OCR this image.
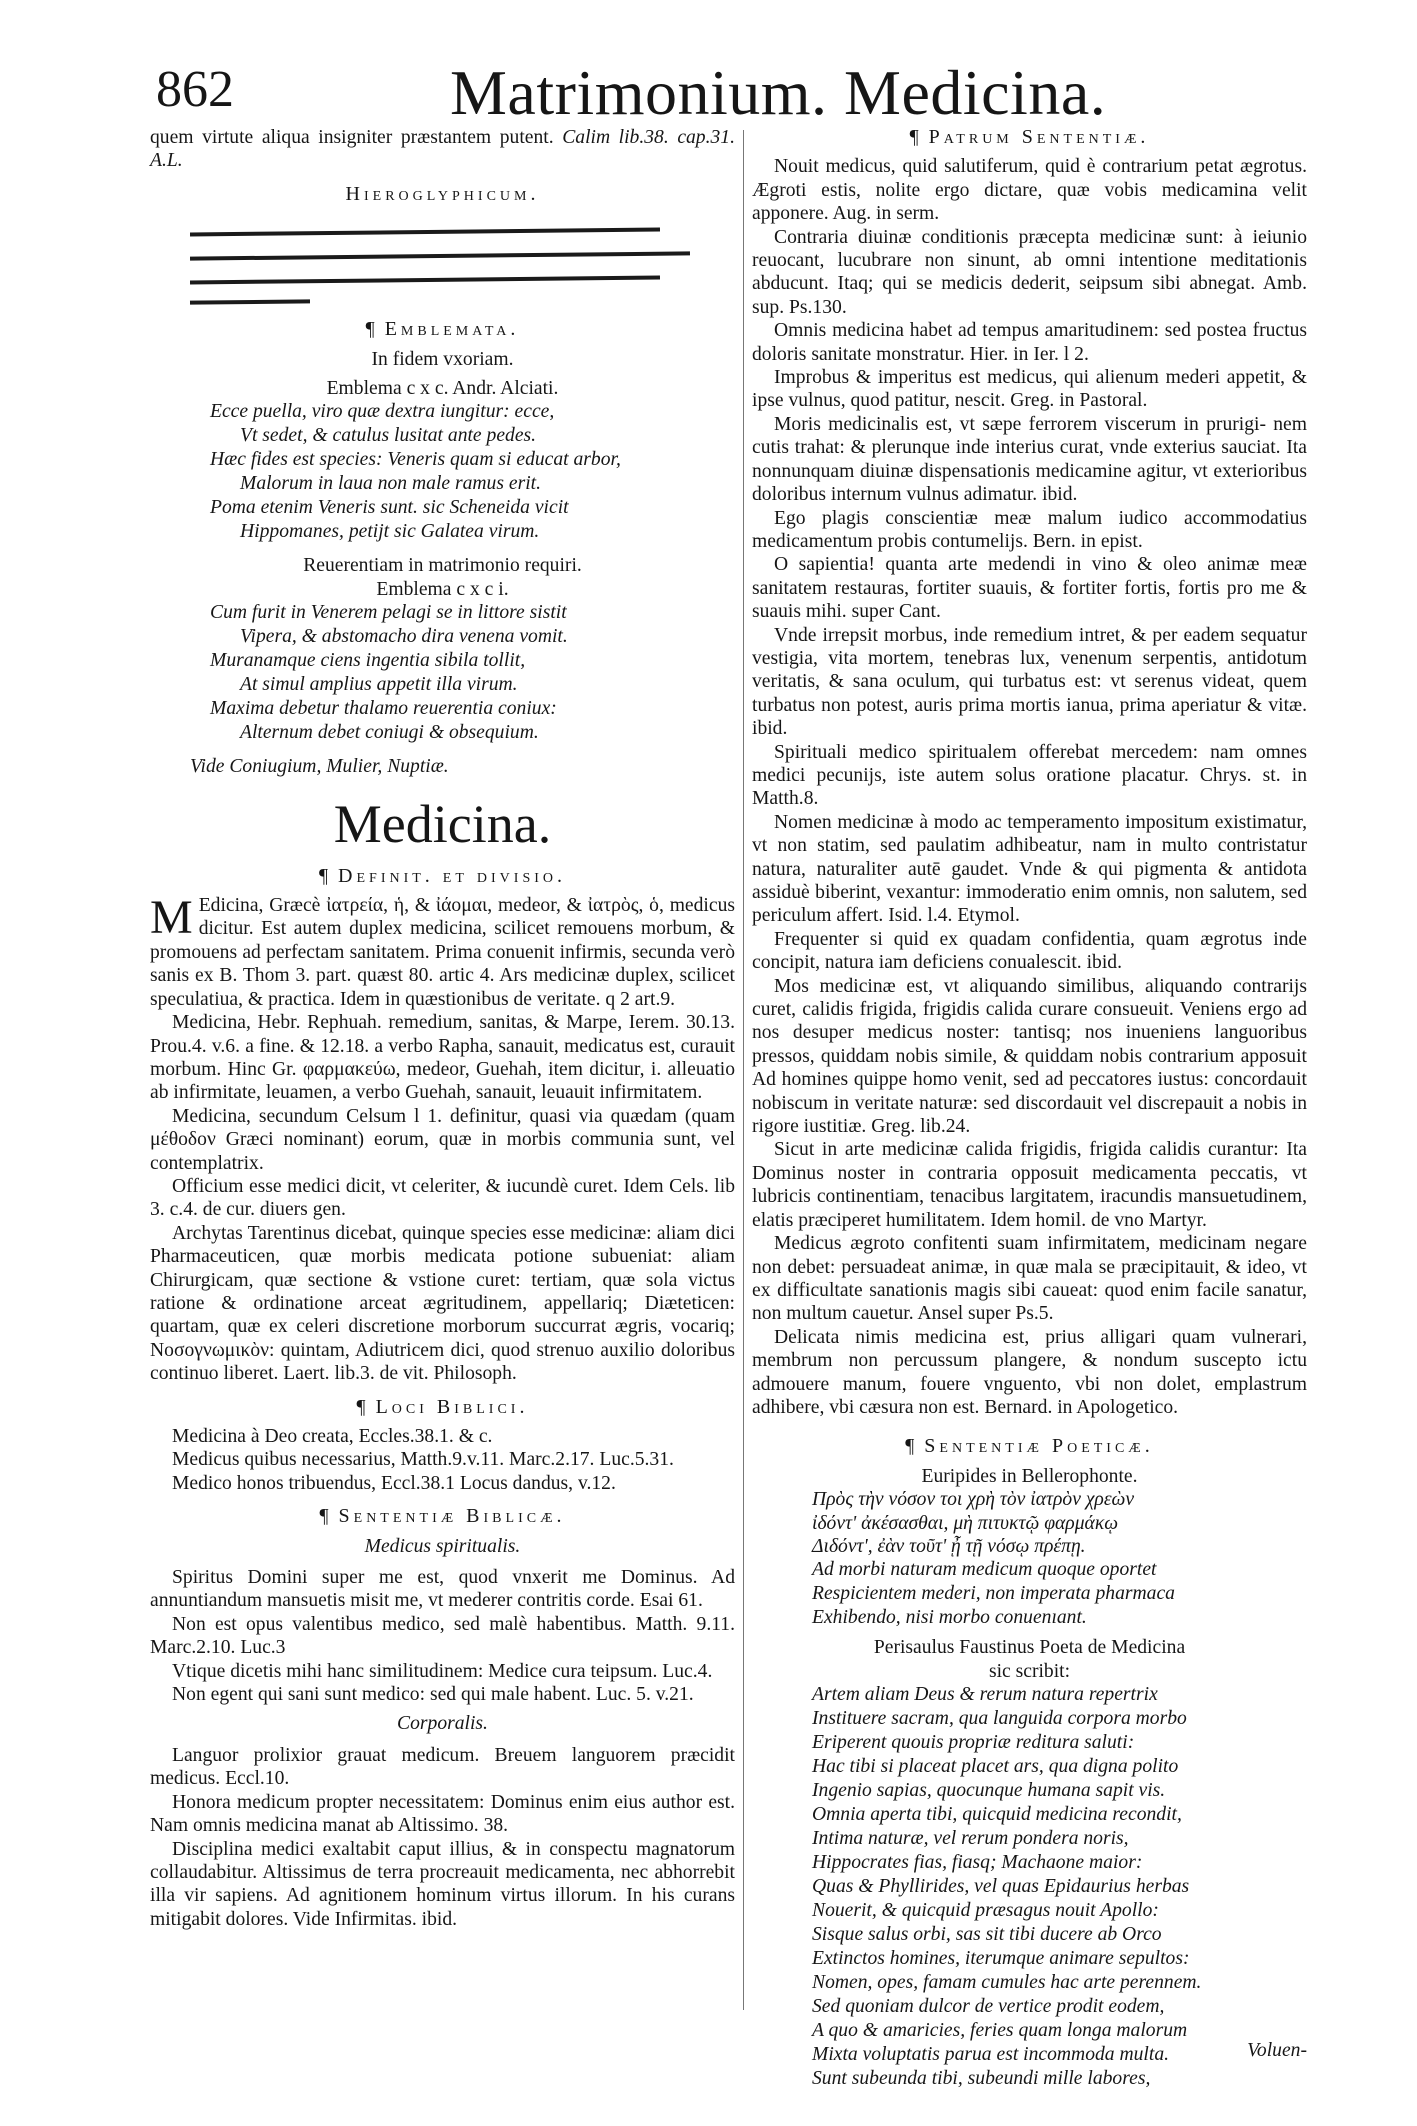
862	Matrimonium. Medicina.

quem virtute aliqua insigniter præstantem putent. Calim lib.38. cap.31. A.L.

Hieroglyphicum.
¶ Emblemata.

In fidem vxoriam.

Emblema c x c. Andr. Alciati.

Ecce puella, viro quæ dextra iungitur: ecce,
Vt sedet, & catulus lusitat ante pedes.
Hæc fides est species: Veneris quam si educat arbor,
Malorum in laua non male ramus erit.
Poma etenim Veneris sunt. sic Scheneida vicit
Hippomanes, petijt sic Galatea virum.

Reuerentiam in matrimonio requiri.

Emblema c x c i.

Cum furit in Venerem pelagi se in littore sistit
Vipera, & abstomacho dira venena vomit.
Muranamque ciens ingentia sibila tollit,
At simul amplius appetit illa virum.
Maxima debetur thalamo reuerentia coniux:
Alternum debet coniugi & obsequium.

Vide Coniugium, Mulier, Nuptiæ.

Medicina.
¶ Definit. et divisio.

M Edicina, Græcè ἰατρεία, ἡ, & ἰάομαι, medeor, & ἰατρὸς, ὁ, medicus dicitur. Est autem duplex medicina, scilicet remouens morbum, & promouens ad perfectam sanitatem. Prima conuenit infirmis, secunda verò sanis ex B. Thom 3. part. quæst 80. artic 4. Ars medicinæ duplex, scilicet speculatiua, & practica. Idem in quæstionibus de veritate. q 2 art.9.

Medicina, Hebr. Rephuah. remedium, sanitas, & Marpe, Ierem. 30.13. Prou.4. v.6. a fine. & 12.18. a verbo Rapha, sanauit, medicatus est, curauit morbum. Hinc Gr. φαρμακεύω, medeor, Guehah, item dicitur, i. alleuatio ab infirmitate, leuamen, a verbo Guehah, sanauit, leuauit infirmitatem.

Medicina, secundum Celsum l 1. definitur, quasi via quædam (quam μέθοδον Græci nominant) eorum, quæ in morbis communia sunt, vel contemplatrix.

Officium esse medici dicit, vt celeriter, & iucundè curet. Idem Cels. lib 3. c.4. de cur. diuers gen.

Archytas Tarentinus dicebat, quinque species esse medicinæ: aliam dici Pharmaceuticen, quæ morbis medicata potione subueniat: aliam Chirurgicam, quæ sectione & vstione curet: tertiam, quæ sola victus ratione & ordinatione arceat ægritudinem, appellariq; Diæteticen: quartam, quæ ex celeri discretione morborum succurrat ægris, vocariq; Νοσογνωμικὸν: quintam, Adiutricem dici, quod strenuo auxilio doloribus continuo liberet. Laert. lib.3. de vit. Philosoph.

¶ Loci Biblici.

Medicina à Deo creata, Eccles.38.1. & c.

Medicus quibus necessarius, Matth.9.v.11. Marc.2.17. Luc.5.31.

Medico honos tribuendus, Eccl.38.1 Locus dandus, v.12.

¶ Sententiæ Biblicæ.

Medicus spiritualis.

Spiritus Domini super me est, quod vnxerit me Dominus. Ad annuntiandum mansuetis misit me, vt mederer contritis corde. Esai 61.

Non est opus valentibus medico, sed malè habentibus. Matth. 9.11. Marc.2.10. Luc.3

Vtique dicetis mihi hanc similitudinem: Medice cura teipsum. Luc.4.

Non egent qui sani sunt medico: sed qui male habent. Luc. 5. v.21.

Corporalis.

Languor prolixior grauat medicum. Breuem languorem præcidit medicus. Eccl.10.

Honora medicum propter necessitatem: Dominus enim eius author est. Nam omnis medicina manat ab Altissimo. 38.

Disciplina medici exaltabit caput illius, & in conspectu magnatorum collaudabitur. Altissimus de terra procreauit medicamenta, nec abhorrebit illa vir sapiens. Ad agnitionem hominum virtus illorum. In his curans mitigabit dolores. Vide Infirmitas. ibid.

¶ Patrum Sententiæ.

Nouit medicus, quid salutiferum, quid è contrarium petat ægrotus. Ægroti estis, nolite ergo dictare, quæ vobis medicamina velit apponere. Aug. in serm.

Contraria diuinæ conditionis præcepta medicinæ sunt: à ieiunio reuocant, lucubrare non sinunt, ab omni intentione meditationis abducunt. Itaq; qui se medicis dederit, seipsum sibi abnegat. Amb. sup. Ps.130.

Omnis medicina habet ad tempus amaritudinem: sed postea fructus doloris sanitate monstratur. Hier. in Ier. l 2.

Improbus & imperitus est medicus, qui alienum mederi appetit, & ipse vulnus, quod patitur, nescit. Greg. in Pastoral.

Moris medicinalis est, vt sæpe ferrorem viscerum in prurigi- nem cutis trahat: & plerunque inde interius curat, vnde exterius sauciat. Ita nonnunquam diuinæ dispensationis medicamine agitur, vt exterioribus doloribus internum vulnus adimatur. ibid.

Ego plagis conscientiæ meæ malum iudico accommodatius medicamentum probis contumelijs. Bern. in epist.

O sapientia! quanta arte medendi in vino & oleo animæ meæ sanitatem restauras, fortiter suauis, & fortiter fortis, fortis pro me & suauis mihi. super Cant.

Vnde irrepsit morbus, inde remedium intret, & per eadem sequatur vestigia, vita mortem, tenebras lux, venenum serpentis, antidotum veritatis, & sana oculum, qui turbatus est: vt serenus videat, quem turbatus non potest, auris prima mortis ianua, prima aperiatur & vitæ. ibid.

Spirituali medico spiritualem offerebat mercedem: nam omnes medici pecunijs, iste autem solus oratione placatur. Chrys. st. in Matth.8.

Nomen medicinæ à modo ac temperamento impositum existimatur, vt non statim, sed paulatim adhibeatur, nam in multo contristatur natura, naturaliter autē gaudet. Vnde & qui pigmenta & antidota assiduè biberint, vexantur: immoderatio enim omnis, non salutem, sed periculum affert. Isid. l.4. Etymol.

Frequenter si quid ex quadam confidentia, quam ægrotus inde concipit, natura iam deficiens conualescit. ibid.

Mos medicinæ est, vt aliquando similibus, aliquando contrarijs curet, calidis frigida, frigidis calida curare consueuit. Veniens ergo ad nos desuper medicus noster: tantisq; nos inueniens languoribus pressos, quiddam nobis simile, & quiddam nobis contrarium apposuit Ad homines quippe homo venit, sed ad peccatores iustus: concordauit nobiscum in veritate naturæ: sed discordauit vel discrepauit a nobis in rigore iustitiæ. Greg. lib.24.

Sicut in arte medicinæ calida frigidis, frigida calidis curantur: Ita Dominus noster in contraria opposuit medicamenta peccatis, vt lubricis continentiam, tenacibus largitatem, iracundis mansuetudinem, elatis præciperet humilitatem. Idem homil. de vno Martyr.

Medicus ægroto confitenti suam infirmitatem, medicinam negare non debet: persuadeat animæ, in quæ mala se præcipitauit, & ideo, vt ex difficultate sanationis magis sibi caueat: quod enim facile sanatur, non multum cauetur. Ansel super Ps.5.

Delicata nimis medicina est, prius alligari quam vulnerari, membrum non percussum plangere, & nondum suscepto ictu admouere manum, fouere vnguento, vbi non dolet, emplastrum adhibere, vbi cæsura non est. Bernard. in Apologetico.

¶ Sententiæ Poeticæ.

Euripides in Bellerophonte.

Πρὸς τὴν νόσον τοι χρὴ τὸν ἰατρὸν χρεὼν
ἰδόντ' ἀκέσασθαι, μὴ πιτυκτῷ φαρμάκῳ
Διδόντ', ἐὰν τοῦτ' ᾖ τῇ νόσῳ πρέπῃ.
Ad morbi naturam medicum quoque oportet
Respicientem mederi, non imperata pharmaca
Exhibendo, nisi morbo conuenıant.

Perisaulus Faustinus Poeta de Medicina

sic scribit:

Artem aliam Deus & rerum natura repertrix
Instituere sacram, qua languida corpora morbo
Eriperent quouis propriæ reditura saluti:
Hac tibi si placeat placet ars, qua digna polito
Ingenio sapias, quocunque humana sapit vis.
Omnia aperta tibi, quicquid medicina recondit,
Intima naturæ, vel rerum pondera noris,
Hippocrates fias, fiasq; Machaone maior:
Quas & Phyllirides, vel quas Epidaurius herbas
Nouerit, & quicquid præsagus nouit Apollo:
Sisque salus orbi, sas sit tibi ducere ab Orco
Extinctos homines, iterumque animare sepultos:
Nomen, opes, famam cumules hac arte perennem.
Sed quoniam dulcor de vertice prodit eodem,
A quo & amaricies, feries quam longa malorum
Mixta voluptatis parua est incommoda multa.
Sunt subeunda tibi, subeundi mille labores,
Voluen-
